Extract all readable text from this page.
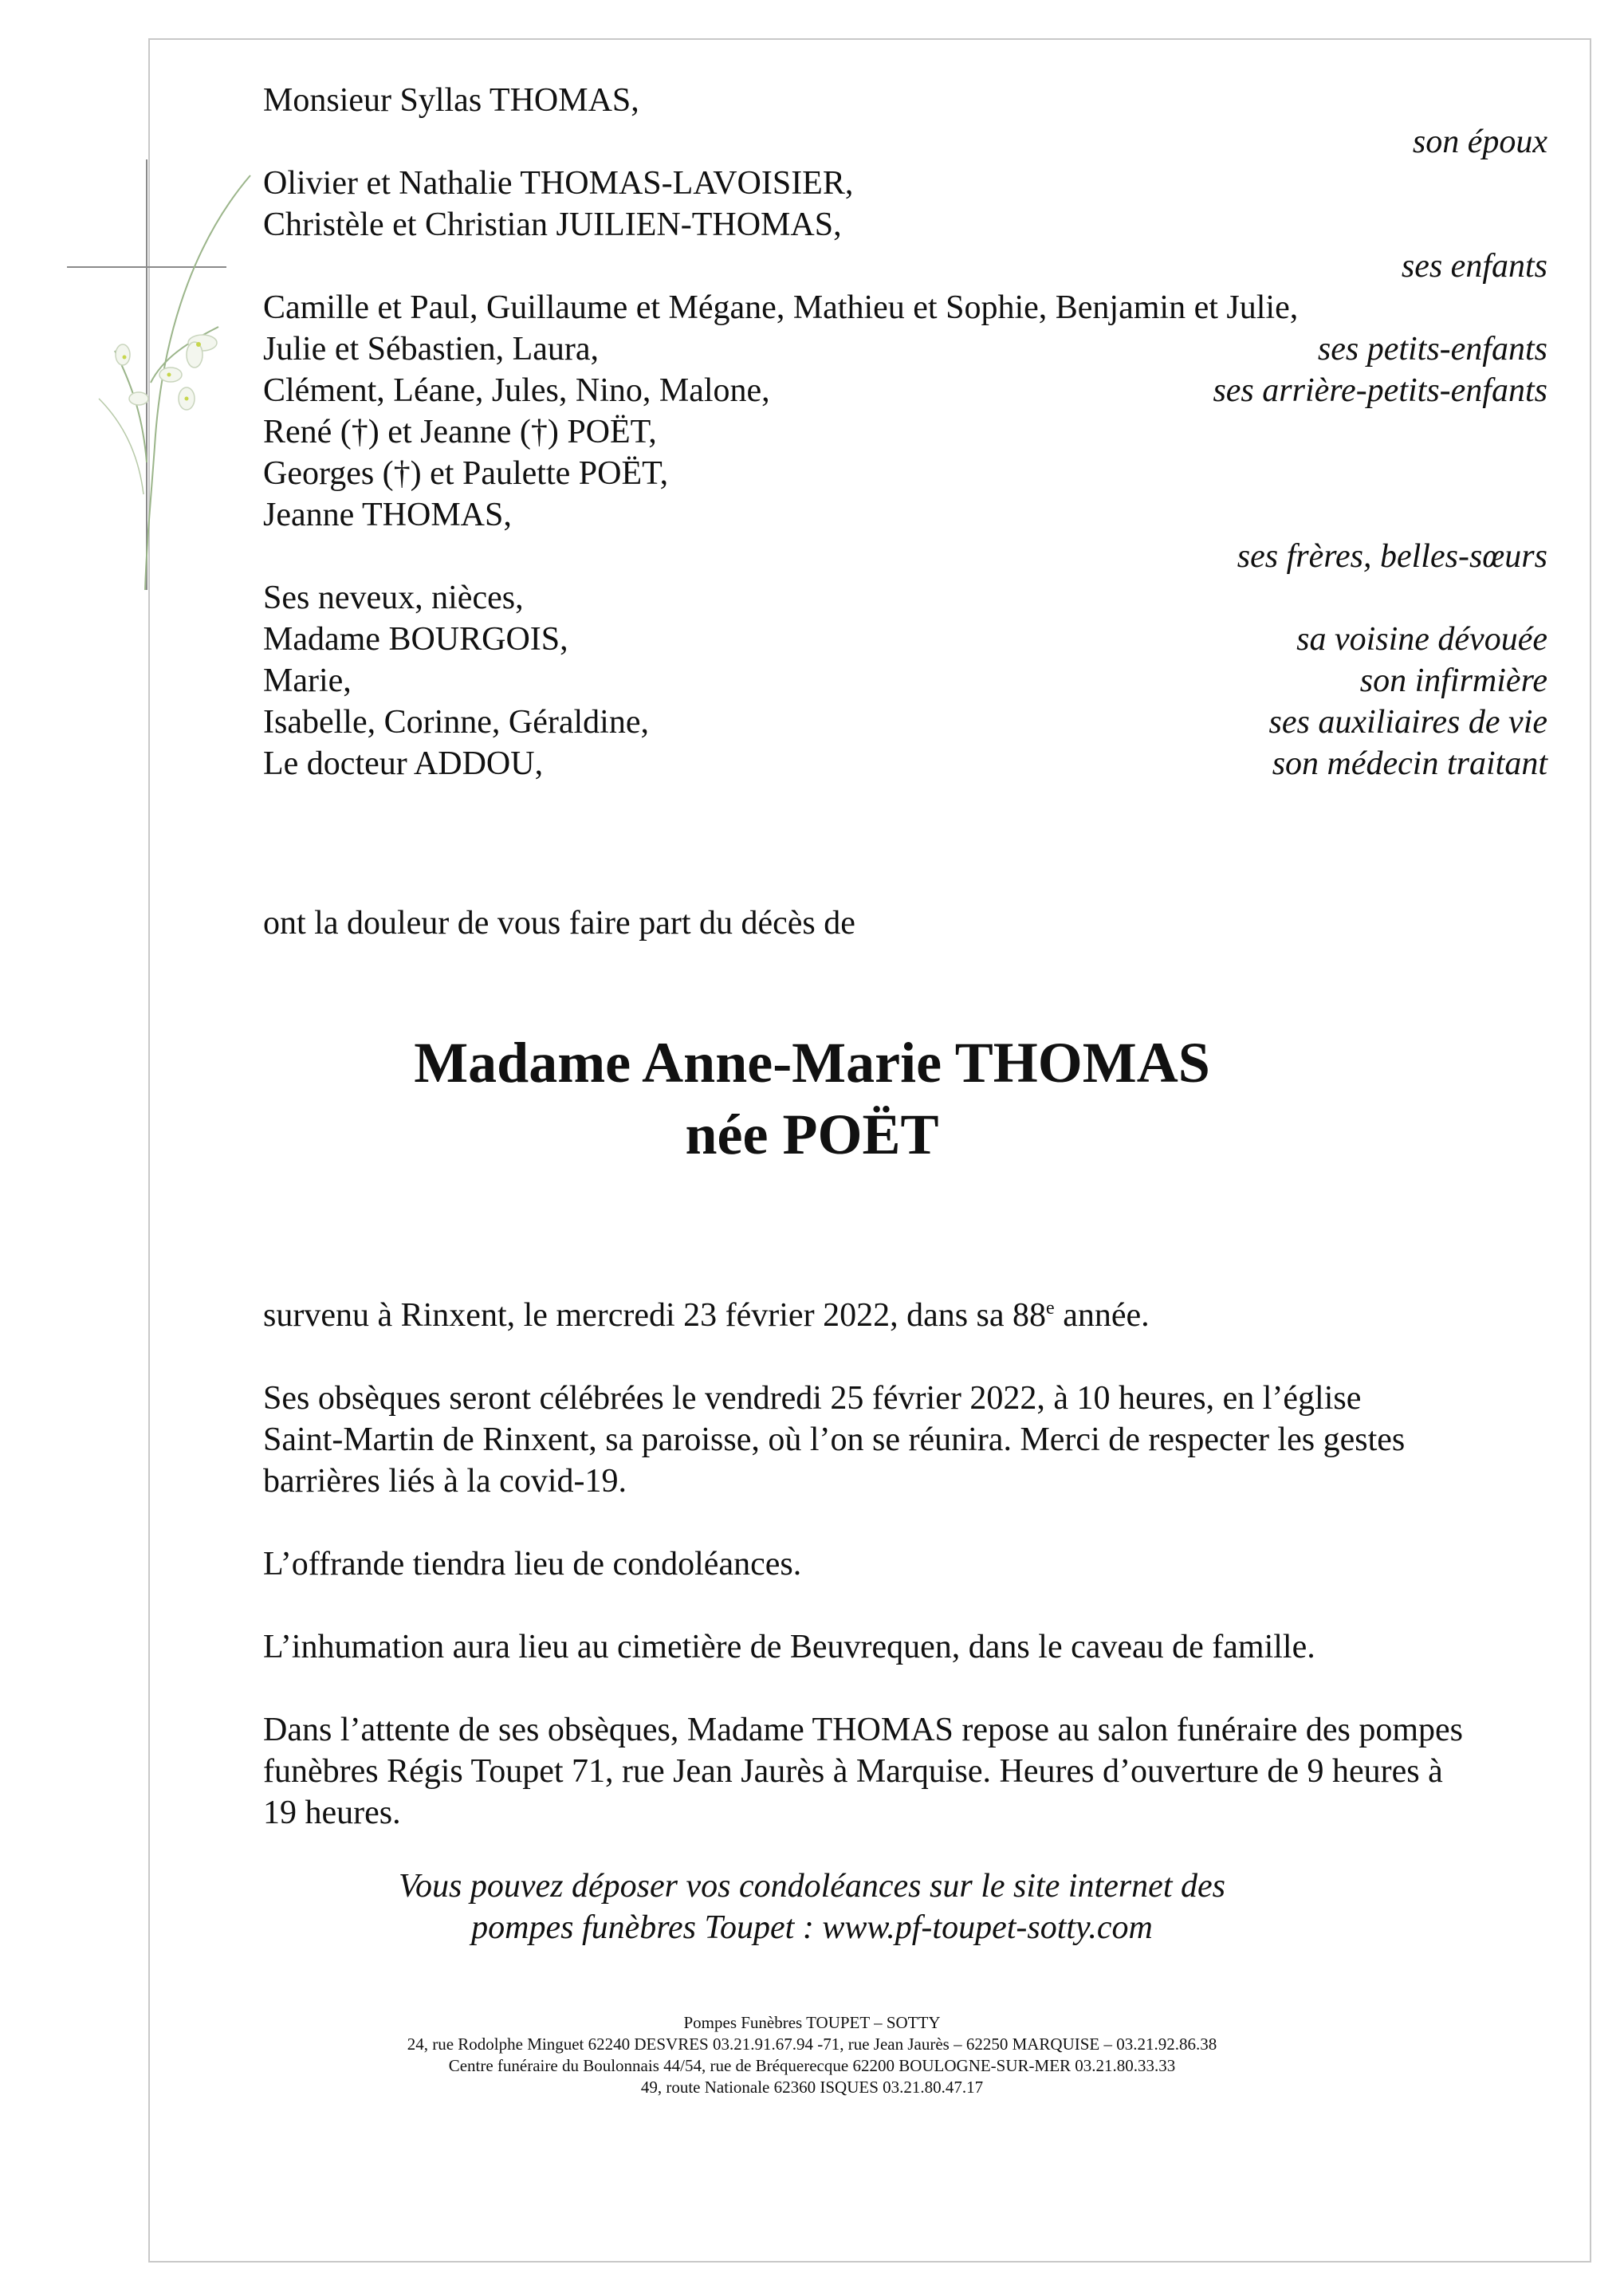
Monsieur Syllas THOMAS,
Olivier et Nathalie THOMAS-LAVOISIER,
Christèle et Christian JUILIEN-THOMAS,
Camille et Paul, Guillaume et Mégane, Mathieu et Sophie, Benjamin et Julie,
Julie et Sébastien, Laura,
Clément, Léane, Jules, Nino, Malone,
René (†) et Jeanne (†) POËT,
Georges (†) et Paulette POËT,
Jeanne THOMAS,
Ses neveux, nièces,
Madame BOURGOIS,
Marie,
Isabelle, Corinne, Géraldine,
Le docteur ADDOU,
son époux
ses enfants
ses petits-enfants
ses arrière-petits-enfants
ses frères, belles-sœurs
sa voisine dévouée
son infirmière
ses auxiliaires de vie
son médecin traitant
ont la douleur de vous faire part du décès de
Madame Anne-Marie THOMAS
née POËT
survenu à Rinxent, le mercredi 23 février 2022, dans sa 88e année.
Ses obsèques seront célébrées le vendredi 25 février 2022, à 10 heures, en l’église
Saint-Martin de Rinxent, sa paroisse, où l’on se réunira. Merci de respecter les gestes
barrières liés à la covid-19.
L’offrande tiendra lieu de condoléances.
L’inhumation aura lieu au cimetière de Beuvrequen, dans le caveau de famille.
Dans l’attente de ses obsèques, Madame THOMAS repose au salon funéraire des pompes
funèbres Régis Toupet 71, rue Jean Jaurès à Marquise. Heures d’ouverture de 9 heures à
19 heures.
Vous pouvez déposer vos condoléances sur le site internet des
pompes funèbres Toupet : www.pf-toupet-sotty.com
Pompes Funèbres TOUPET – SOTTY
24, rue Rodolphe Minguet 62240 DESVRES 03.21.91.67.94 -71, rue Jean Jaurès – 62250 MARQUISE – 03.21.92.86.38
Centre funéraire du Boulonnais 44/54, rue de Bréquerecque 62200 BOULOGNE-SUR-MER 03.21.80.33.33
49, route Nationale 62360 ISQUES 03.21.80.47.17
